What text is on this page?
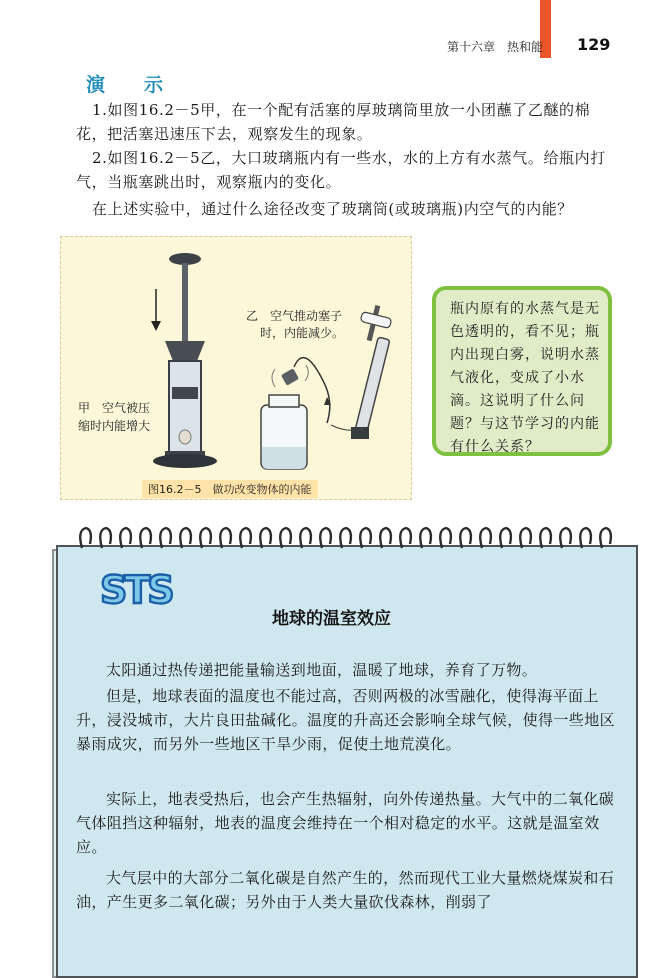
第十六章　热和能 129
演　示
1.如图16.2－5甲，在一个配有活塞的厚玻璃筒里放一小团蘸了乙醚的棉花，把活塞迅速压下去，观察发生的现象。
2.如图16.2－5乙，大口玻璃瓶内有一些水，水的上方有水蒸气。给瓶内打气，当瓶塞跳出时，观察瓶内的变化。
在上述实验中，通过什么途径改变了玻璃筒(或玻璃瓶)内空气的内能？
甲　空气被压
缩时内能增大
乙　空气推动塞子
时，内能减少。
图16.2－5　做功改变物体的内能
瓶内原有的水蒸气是无色透明的，看不见；瓶内出现白雾，说明水蒸气液化，变成了小水滴。这说明了什么问题？与这节学习的内能有什么关系？
STS
地球的温室效应
太阳通过热传递把能量输送到地面，温暖了地球，养育了万物。
但是，地球表面的温度也不能过高，否则两极的冰雪融化，使得海平面上升，浸没城市，大片良田盐碱化。温度的升高还会影响全球气候，使得一些地区暴雨成灾，而另外一些地区干旱少雨，促使土地荒漠化。
实际上，地表受热后，也会产生热辐射，向外传递热量。大气中的二氧化碳气体阻挡这种辐射，地表的温度会维持在一个相对稳定的水平。这就是温室效应。
大气层中的大部分二氧化碳是自然产生的，然而现代工业大量燃烧煤炭和石油，产生更多二氧化碳；另外由于人类大量砍伐森林，削弱了
